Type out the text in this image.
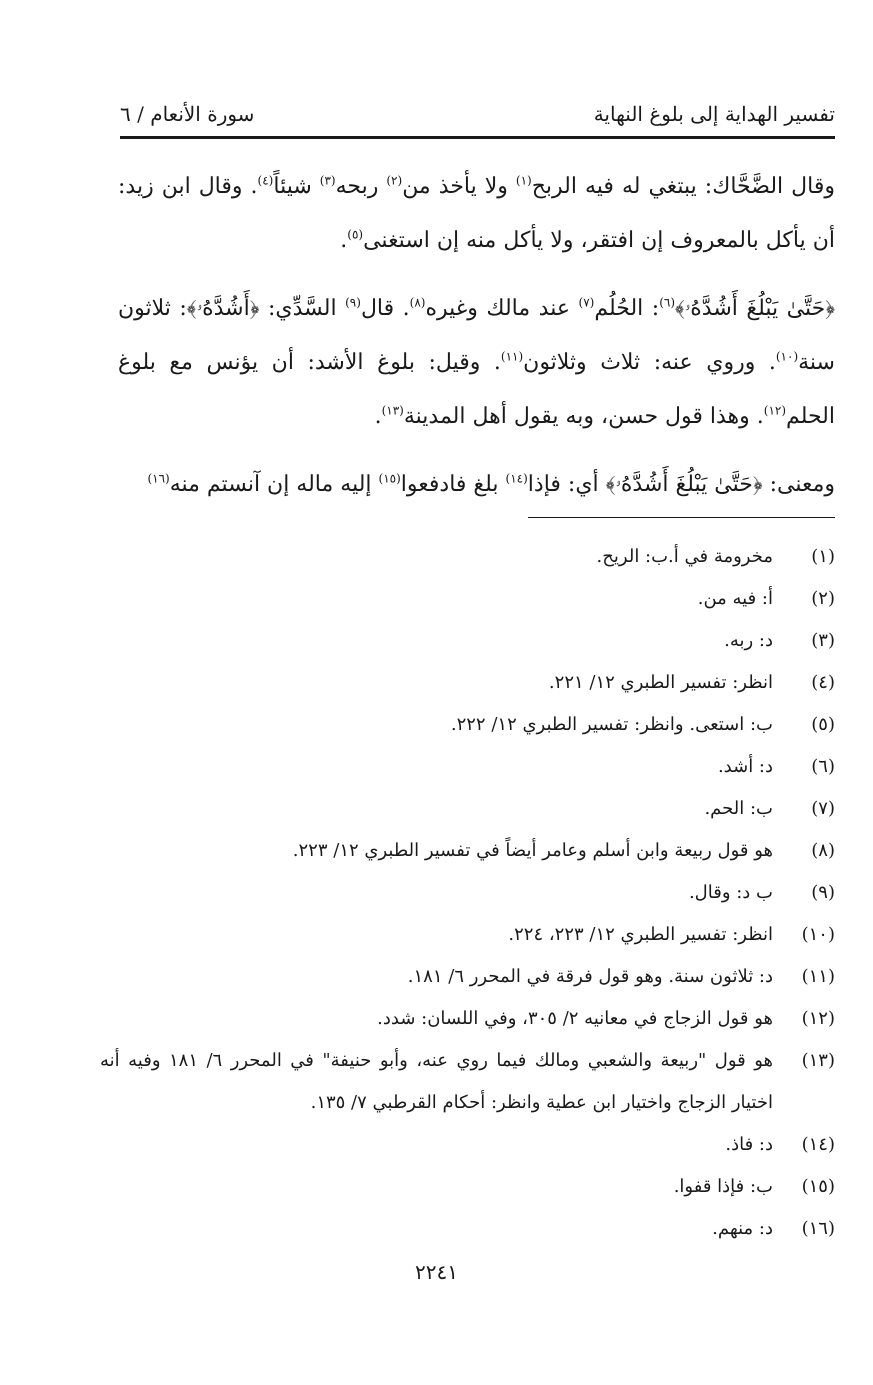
تفسير الهداية إلى بلوغ النهاية
سورة الأنعام / ٦

وقال الضَّحَّاك: يبتغي له فيه الربح$^{(١)}$ ولا يأخذ من$^{(٢)}$ ربحه$^{(٣)}$ شيئاً$^{(٤)}$. وقال ابن زيد: أن يأكل بالمعروف إن افتقر، ولا يأكل منه إن استغنى$^{(٥)}$.

﴿حَتَّىٰ يَبْلُغَ أَشُدَّهُۥ﴾$^{(٦)}$: الحُلُم$^{(٧)}$ عند مالك وغيره$^{(٨)}$. قال$^{(٩)}$ السَّدِّي: ﴿أَشُدَّهُۥ﴾: ثلاثون سنة$^{(١٠)}$. وروي عنه: ثلاث وثلاثون$^{(١١)}$. وقيل: بلوغ الأشد: أن يؤنس مع بلوغ الحلم$^{(١٢)}$. وهذا قول حسن، وبه يقول أهل المدينة$^{(١٣)}$.

ومعنى: ﴿حَتَّىٰ يَبْلُغَ أَشُدَّهُۥ﴾ أي: فإذا$^{(١٤)}$ بلغ فادفعوا$^{(١٥)}$ إليه ماله إن آنستم منه$^{(١٦)}$

(١)
مخرومة في أ.ب: الريح.
(٢)
أ: فيه من.
(٣)
د: ربه.
(٤)
انظر: تفسير الطبري ١٢/ ٢٢١.
(٥)
ب: استعى. وانظر: تفسير الطبري ١٢/ ٢٢٢.
(٦)
د: أشد.
(٧)
ب: الحم.
(٨)
هو قول ربيعة وابن أسلم وعامر أيضاً في تفسير الطبري ١٢/ ٢٢٣.
(٩)
ب د: وقال.
(١٠)
انظر: تفسير الطبري ١٢/ ٢٢٣، ٢٢٤.
(١١)
د: ثلاثون سنة. وهو قول فرقة في المحرر ٦/ ١٨١.
(١٢)
هو قول الزجاج في معانيه ٢/ ٣٠٥، وفي اللسان: شدد.
(١٣)
هو قول "ربيعة والشعبي ومالك فيما روي عنه، وأبو حنيفة" في المحرر ٦/ ١٨١ وفيه أنه اختيار الزجاج واختيار ابن عطية وانظر: أحكام القرطبي ٧/ ١٣٥.
(١٤)
د: فاذ.
(١٥)
ب: فإذا قفوا.
(١٦)
د: منهم.
٢٢٤١
